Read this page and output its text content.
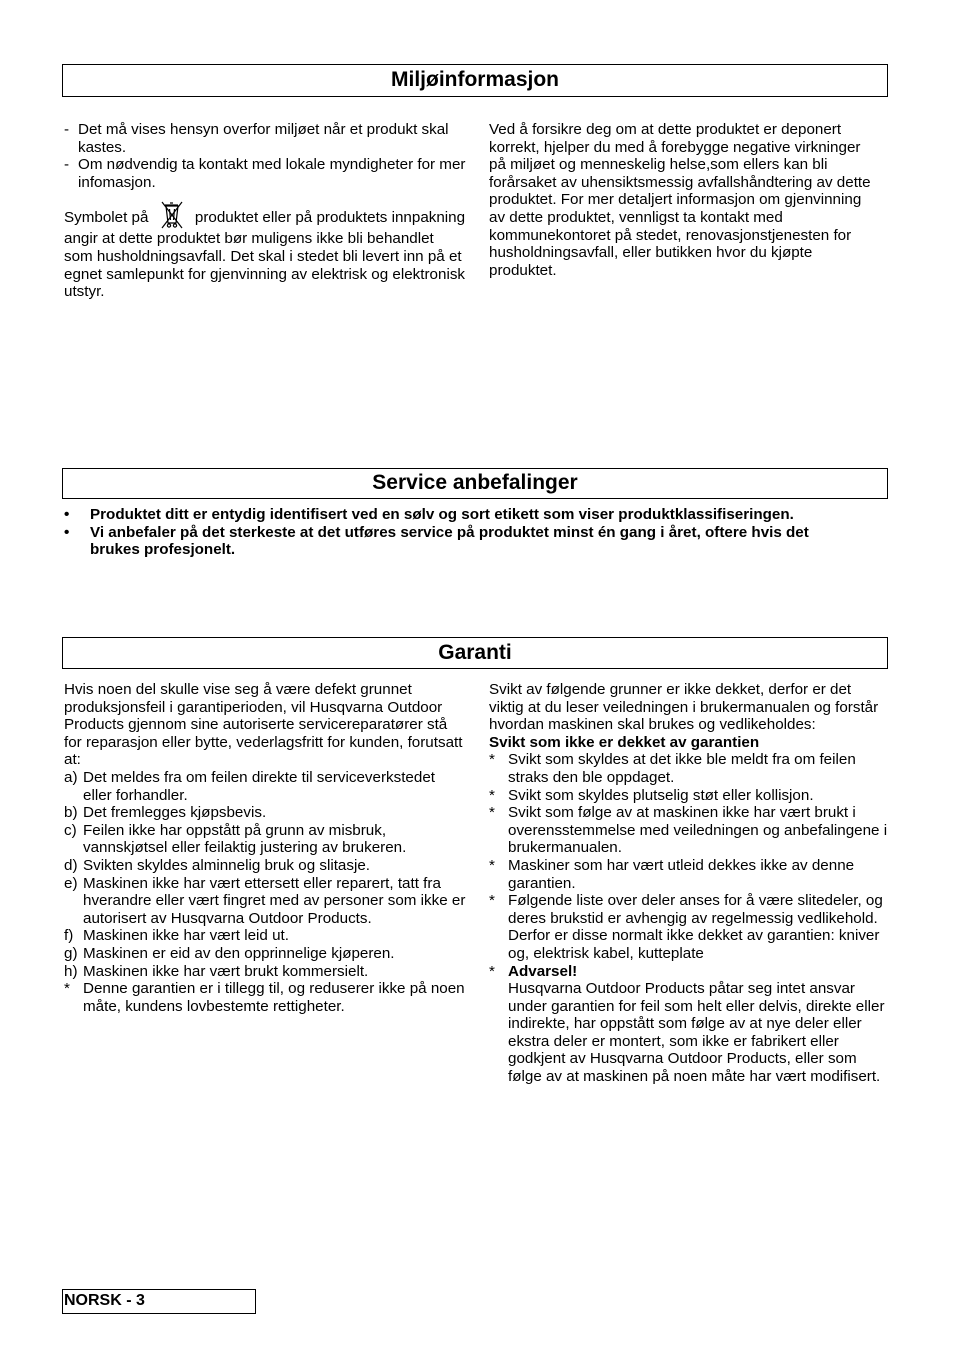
Miljøinformasjon
- Det må vises hensyn overfor miljøet når et produkt skal kastes.
- Om nødvendig ta kontakt med lokale myndigheter for mer infomasjon.
Symbolet på	produktet eller på produktets innpakning angir at dette produktet bør muligens ikke bli behandlet som husholdningsavfall. Det skal i stedet bli levert inn på et egnet samlepunkt for gjenvinning av elektrisk og elektronisk utstyr.
Ved å forsikre deg om at dette produktet er deponert korrekt, hjelper du med å forebygge negative virkninger på miljøet og menneskelig helse,som ellers kan bli forårsaket av uhensiktsmessig avfallshåndtering av dette produktet. For mer detaljert informasjon om gjenvinning av dette produktet, vennligst ta kontakt med kommunekontoret på stedet, renovasjonstjenesten for husholdningsavfall, eller butikken hvor du kjøpte produktet.
Service anbefalinger
• Produktet ditt er entydig identifisert ved en sølv og sort etikett som viser produktklassifiseringen.
• Vi anbefaler på det sterkeste at det utføres service på produktet minst én gang i året, oftere hvis det brukes profesjonelt.
Garanti
Hvis noen del skulle vise seg å være defekt grunnet produksjonsfeil i garantiperioden, vil Husqvarna Outdoor Products gjennom sine autoriserte servicereparatører stå for reparasjon eller bytte, vederlagsfritt for kunden, forutsatt at:
a) Det meldes fra om feilen direkte til serviceverkstedet eller forhandler.
b) Det fremlegges kjøpsbevis.
c) Feilen ikke har oppstått på grunn av misbruk, vannskjøtsel eller feilaktig justering av brukeren.
d) Svikten skyldes alminnelig bruk og slitasje.
e) Maskinen ikke har vært ettersett eller reparert, tatt fra hverandre eller vært fingret med av personer som ikke er autorisert av Husqvarna Outdoor Products.
f) Maskinen ikke har vært leid ut.
g) Maskinen er eid av den opprinnelige kjøperen.
h) Maskinen ikke har vært brukt kommersielt.
* Denne garantien er i tillegg til, og reduserer ikke på noen måte, kundens lovbestemte rettigheter.
Svikt av følgende grunner er ikke dekket, derfor er det viktig at du leser veiledningen i brukermanualen og forstår hvordan maskinen skal brukes og vedlikeholdes:
Svikt som ikke er dekket av garantien
* Svikt som skyldes at det ikke ble meldt fra om feilen straks den ble oppdaget.
* Svikt som skyldes plutselig støt eller kollisjon.
* Svikt som følge av at maskinen ikke har vært brukt i overensstemmelse med veiledningen og anbefalingene i brukermanualen.
* Maskiner som har vært utleid dekkes ikke av denne garantien.
* Følgende liste over deler anses for å være slitedeler, og deres brukstid er avhengig av regelmessig vedlikehold. Derfor er disse normalt ikke dekket av garantien: kniver og, elektrisk kabel, kutteplate
* Advarsel!
Husqvarna Outdoor Products påtar seg intet ansvar under garantien for feil som helt eller delvis, direkte eller indirekte, har oppstått som følge av at nye deler eller ekstra deler er montert, som ikke er fabrikert eller godkjent av Husqvarna Outdoor Products, eller som følge av at maskinen på noen måte har vært modifisert.
NORSK - 3
